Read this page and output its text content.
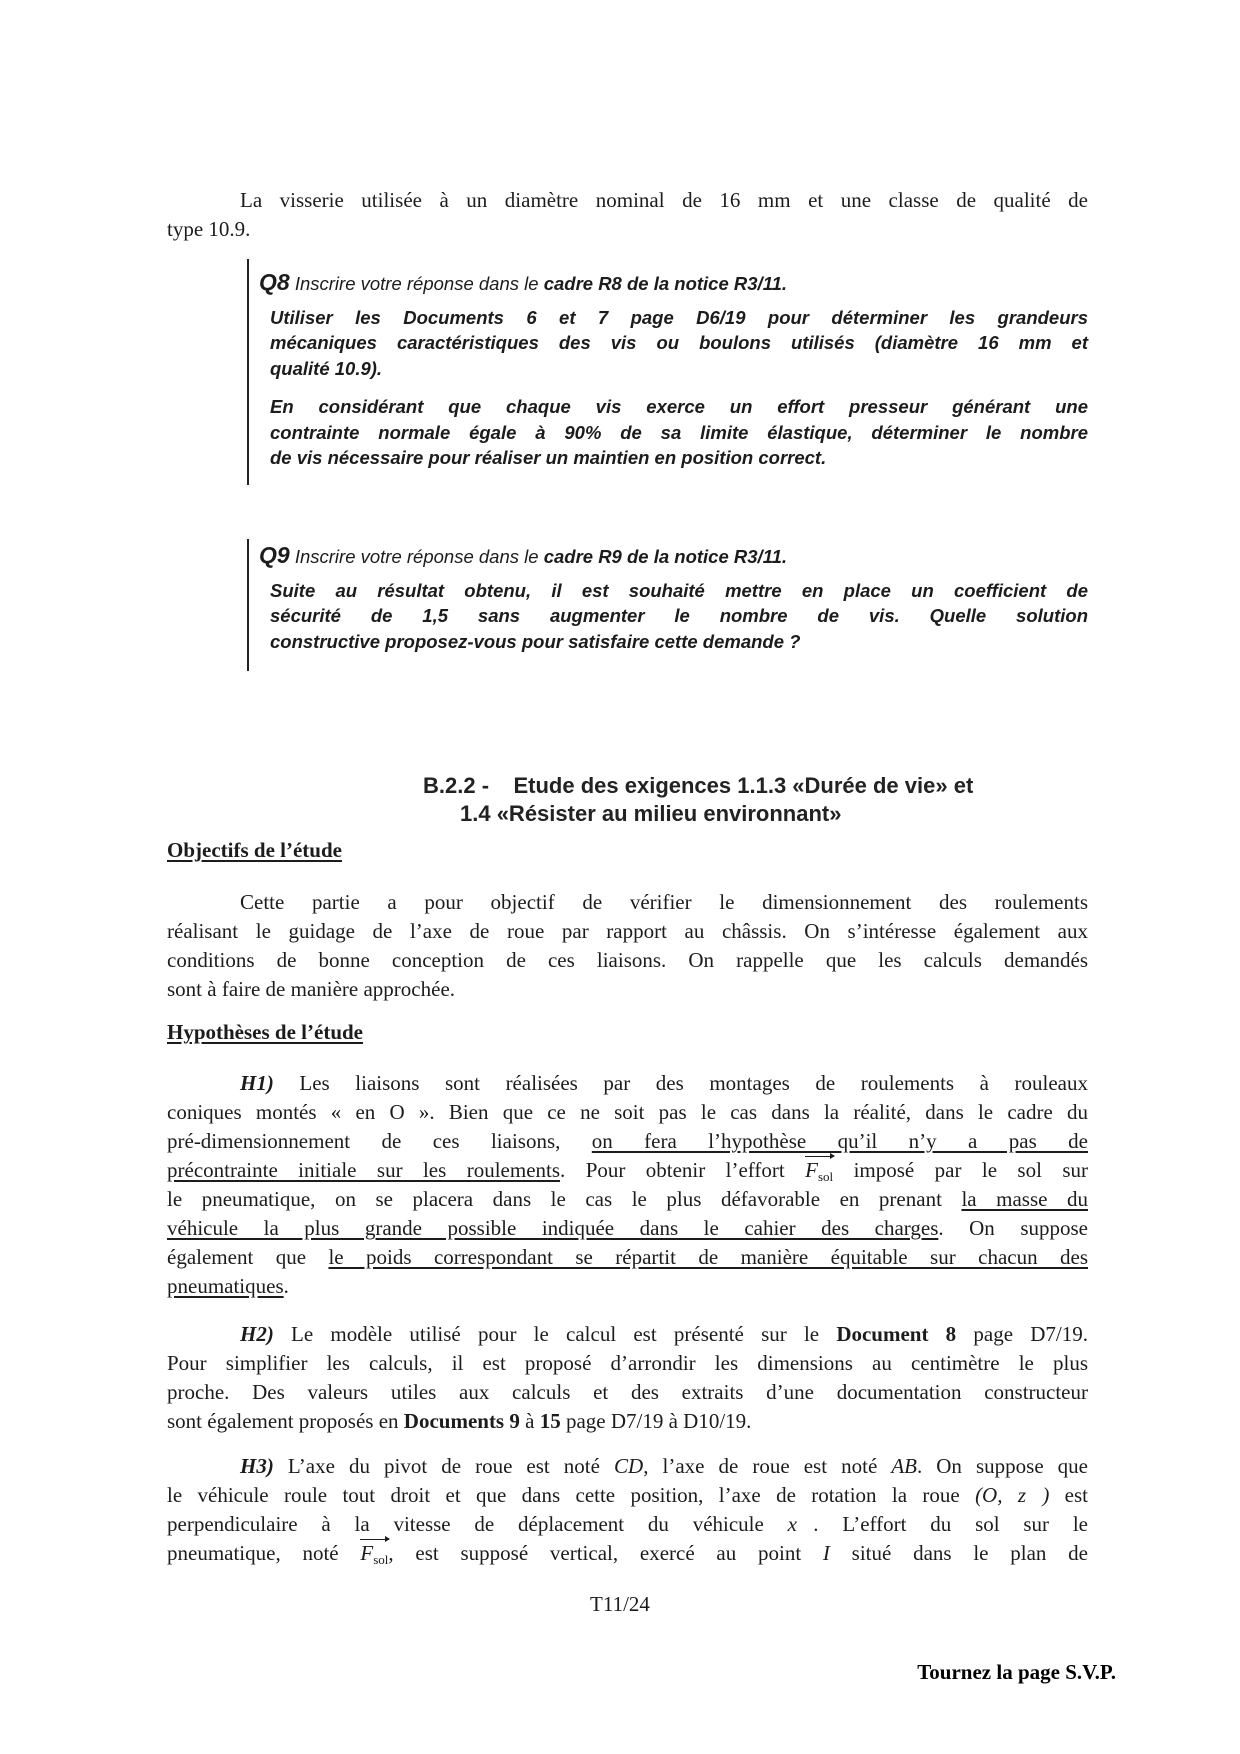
La visserie utilisée à un diamètre nominal de 16 mm et une classe de qualité de
type 10.9.
Q8 Inscrire votre réponse dans le cadre R8 de la notice R3/11.
Utiliser les Documents 6 et 7 page D6/19 pour déterminer les grandeurs
mécaniques caractéristiques des vis ou boulons utilisés (diamètre 16 mm et
qualité 10.9).
En considérant que chaque vis exerce un effort presseur générant une
contrainte normale égale à 90% de sa limite élastique, déterminer le nombre
de vis nécessaire pour réaliser un maintien en position correct.
Q9 Inscrire votre réponse dans le cadre R9 de la notice R3/11.
Suite au résultat obtenu, il est souhaité mettre en place un coefficient de
sécurité de 1,5 sans augmenter le nombre de vis. Quelle solution
constructive proposez-vous pour satisfaire cette demande ?
B.2.2 - Etude des exigences 1.1.3 «Durée de vie» et
1.4 «Résister au milieu environnant»
Objectifs de l’étude
Cette partie a pour objectif de vérifier le dimensionnement des roulements
réalisant le guidage de l’axe de roue par rapport au châssis. On s’intéresse également aux
conditions de bonne conception de ces liaisons. On rappelle que les calculs demandés
sont à faire de manière approchée.
Hypothèses de l’étude
H1) Les liaisons sont réalisées par des montages de roulements à rouleaux
coniques montés « en O ». Bien que ce ne soit pas le cas dans la réalité, dans le cadre du
pré-dimensionnement de ces liaisons, on fera l’hypothèse qu’il n’y a pas de
précontrainte initiale sur les roulements. Pour obtenir l’effort $F_{sol}$ imposé par le sol sur
le pneumatique, on se placera dans le cas le plus défavorable en prenant la masse du
véhicule la plus grande possible indiquée dans le cahier des charges. On suppose
également que le poids correspondant se répartit de manière équitable sur chacun des
pneumatiques.
H2) Le modèle utilisé pour le calcul est présenté sur le Document 8 page D7/19.
Pour simplifier les calculs, il est proposé d’arrondir les dimensions au centimètre le plus
proche. Des valeurs utiles aux calculs et des extraits d’une documentation constructeur
sont également proposés en Documents 9 à 15 page D7/19 à D10/19.
H3) L’axe du pivot de roue est noté CD, l’axe de roue est noté AB. On suppose que
le véhicule roule tout droit et que dans cette position, l’axe de rotation la roue (O, z⃗) est
perpendiculaire à la vitesse de déplacement du véhicule x⃗. L’effort du sol sur le
pneumatique, noté $F_{sol}$, est supposé vertical, exercé au point I situé dans le plan de
T11/24
Tournez la page S.V.P.
